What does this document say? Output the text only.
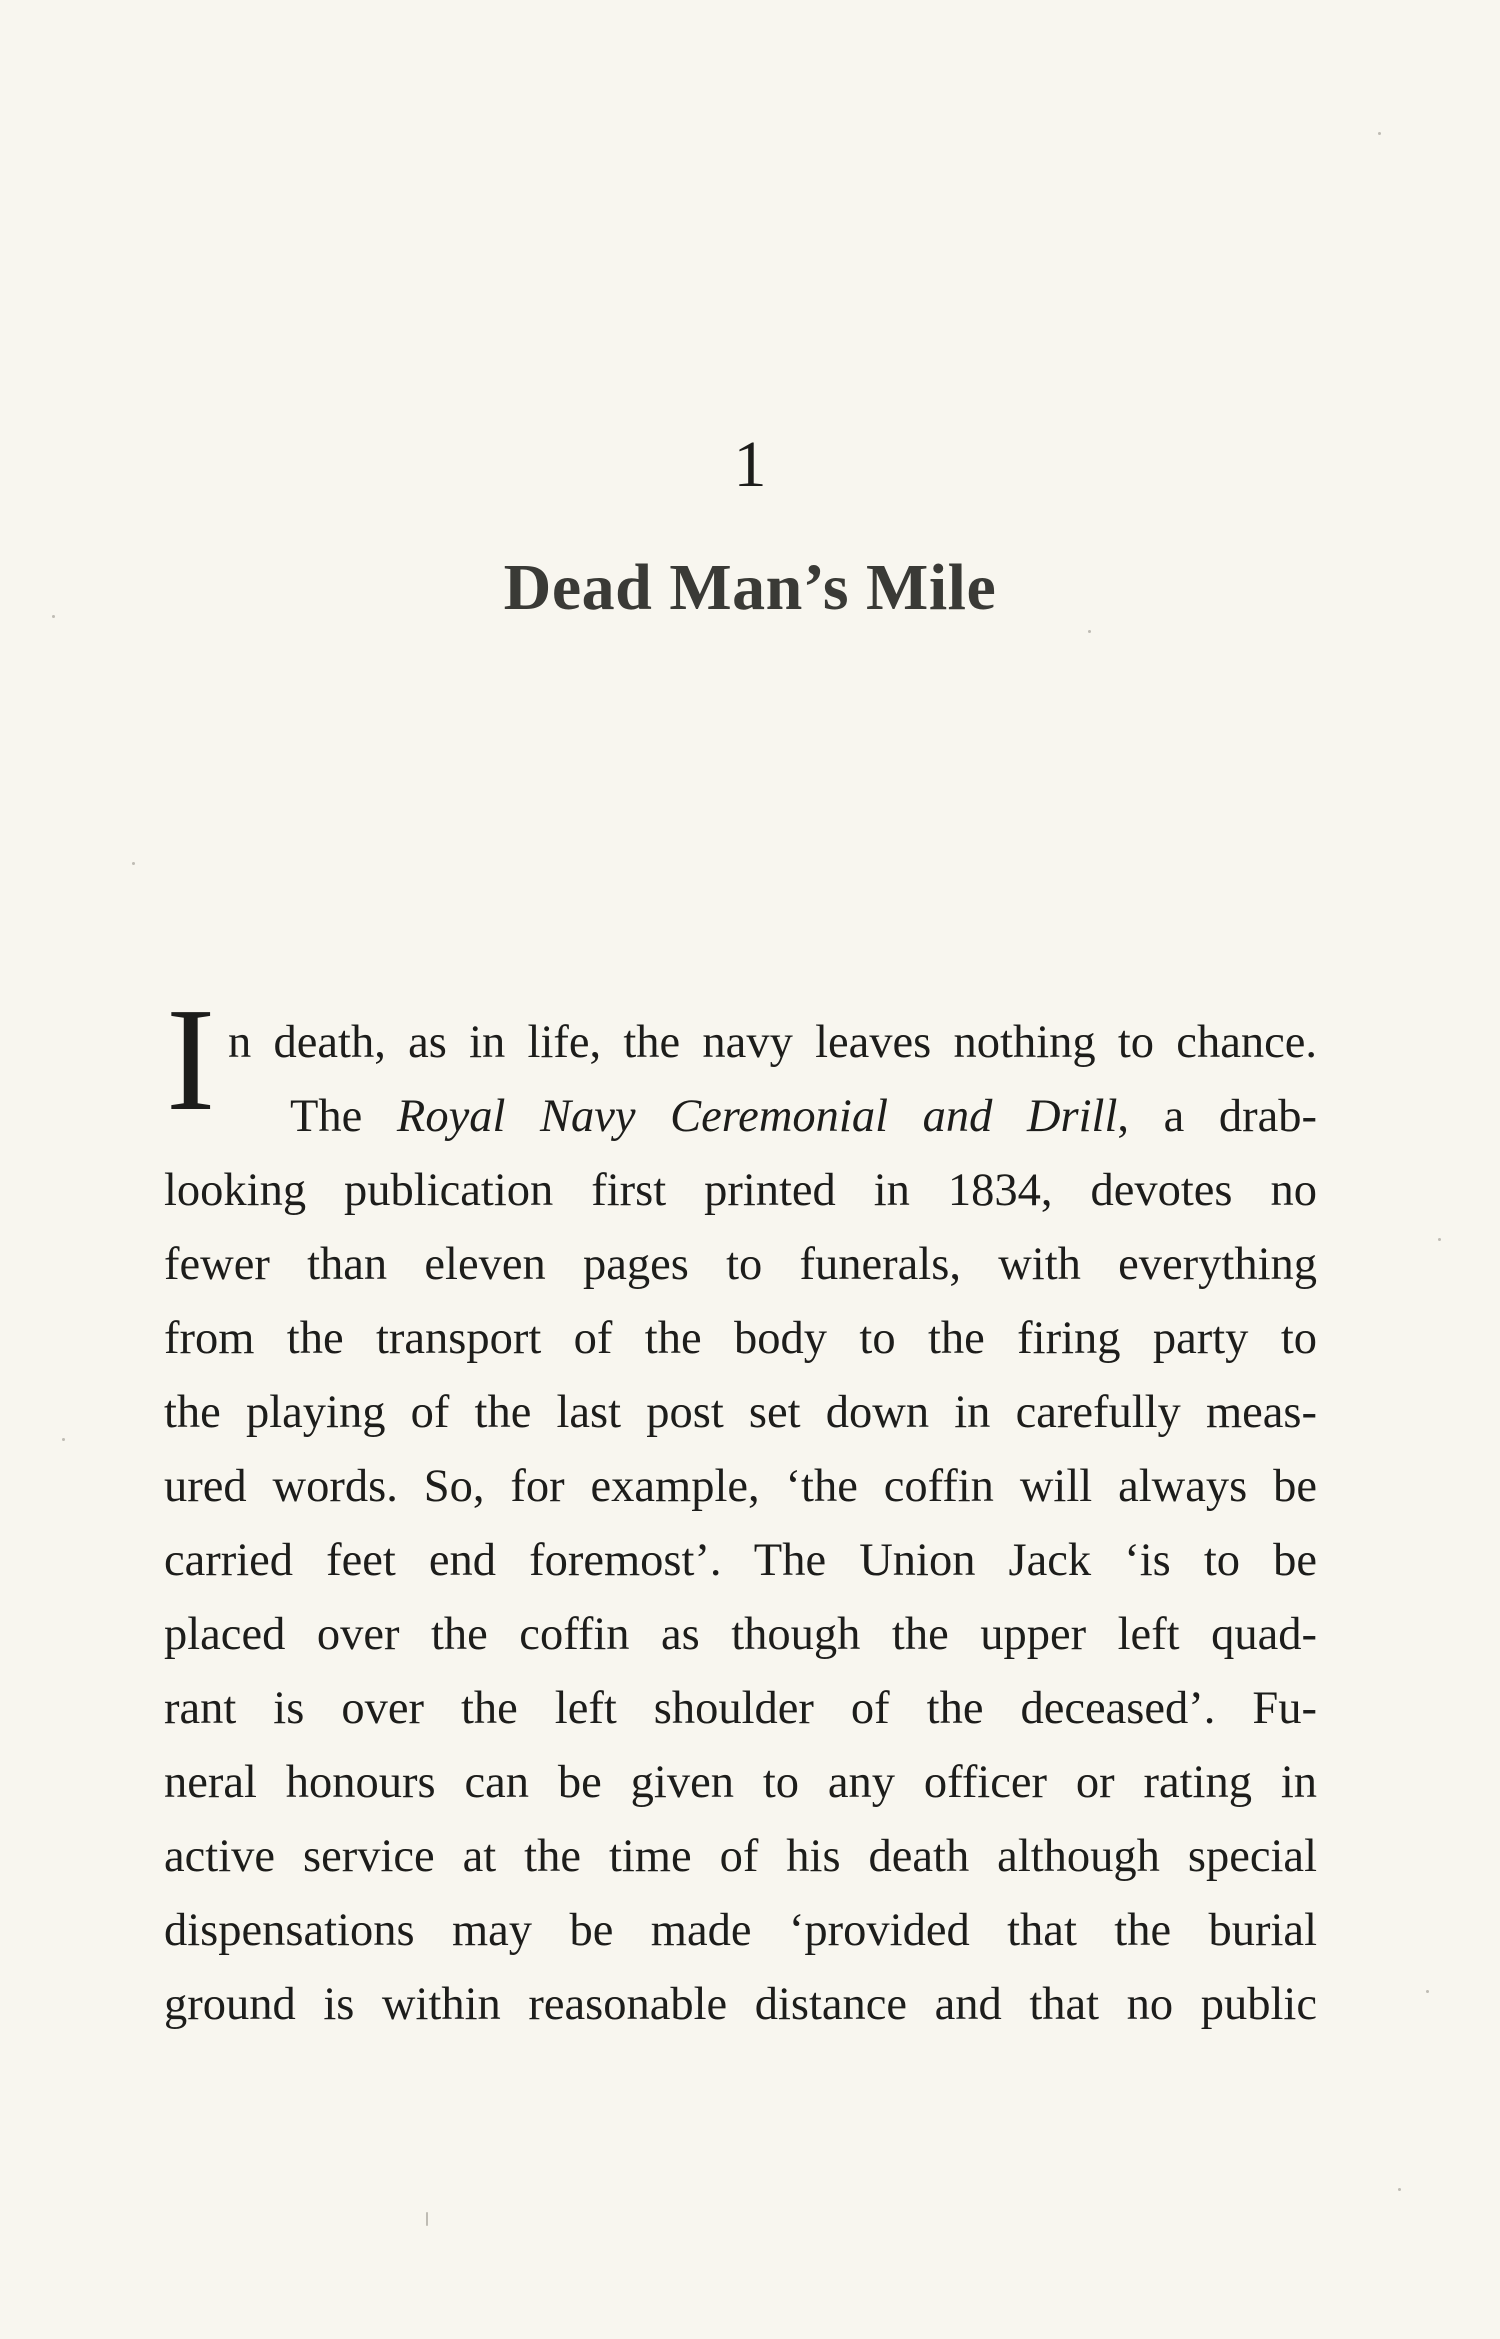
1
Dead Man’s Mile
I n death, as in life, the navy leaves nothing to chance.
The Royal Navy Ceremonial and Drill, a drab-
looking publication first printed in 1834, devotes no
fewer than eleven pages to funerals, with everything
from the transport of the body to the firing party to
the playing of the last post set down in carefully meas-
ured words. So, for example, ‘the coffin will always be
carried feet end foremost’. The Union Jack ‘is to be
placed over the coffin as though the upper left quad-
rant is over the left shoulder of the deceased’. Fu-
neral honours can be given to any officer or rating in
active service at the time of his death although special
dispensations may be made ‘provided that the burial
ground is within reasonable distance and that no public
